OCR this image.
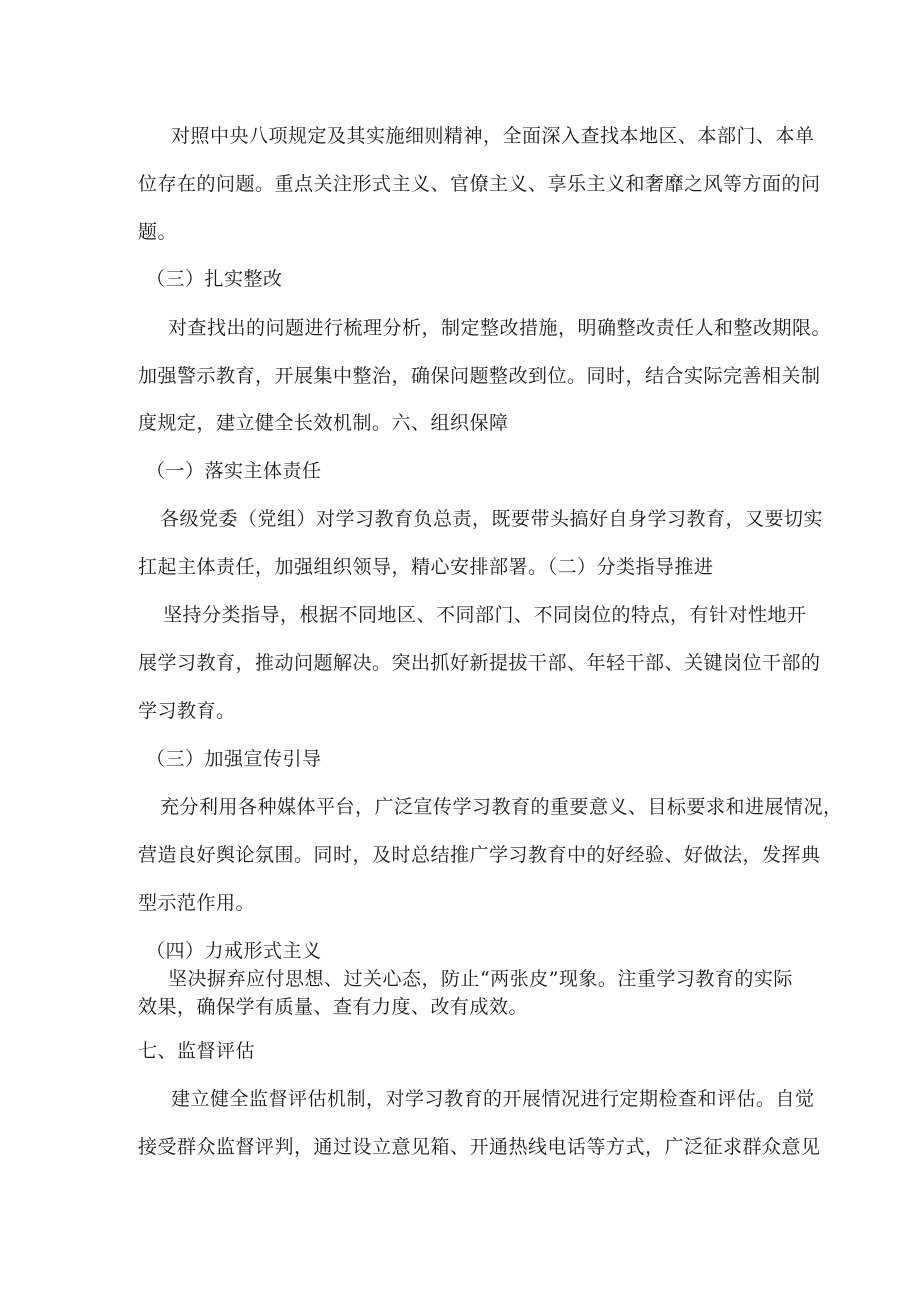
对照中央八项规定及其实施细则精神，全面深入查找本地区、本部门、本单
位存在的问题。重点关注形式主义、官僚主义、享乐主义和奢靡之风等方面的问
题。
（三）扎实整改
对查找出的问题进行梳理分析，制定整改措施，明确整改责任人和整改期限。
加强警示教育，开展集中整治，确保问题整改到位。同时，结合实际完善相关制
度规定，建立健全长效机制。六、组织保障
（一）落实主体责任
各级党委（党组）对学习教育负总责，既要带头搞好自身学习教育，又要切实
扛起主体责任，加强组织领导，精心安排部署。（二）分类指导推进
坚持分类指导，根据不同地区、不同部门、不同岗位的特点，有针对性地开
展学习教育，推动问题解决。突出抓好新提拔干部、年轻干部、关键岗位干部的
学习教育。
（三）加强宣传引导
充分利用各种媒体平台，广泛宣传学习教育的重要意义、目标要求和进展情况，
营造良好舆论氛围。同时，及时总结推广学习教育中的好经验、好做法，发挥典
型示范作用。
（四）力戒形式主义
坚决摒弃应付思想、过关心态，防止“两张皮”现象。注重学习教育的实际
效果，确保学有质量、查有力度、改有成效。
七、监督评估
建立健全监督评估机制，对学习教育的开展情况进行定期检查和评估。自觉
接受群众监督评判，通过设立意见箱、开通热线电话等方式，广泛征求群众意见
